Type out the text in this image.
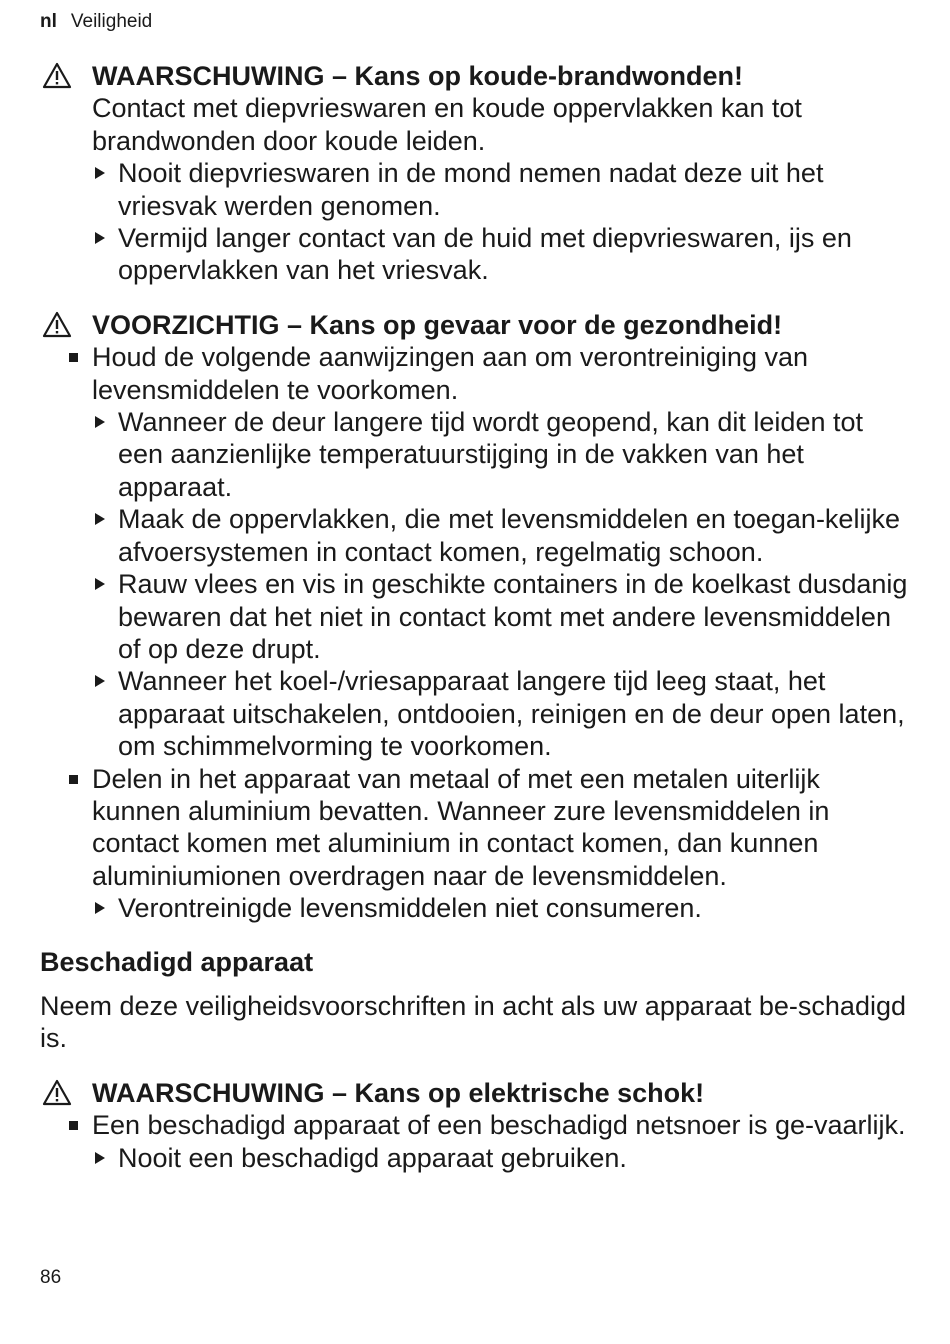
nl Veiligheid
WAARSCHUWING – Kans op koude-brandwonden!
Contact met diepvrieswaren en koude oppervlakken kan tot brandwonden door koude leiden.
Nooit diepvrieswaren in de mond nemen nadat deze uit het vriesvak werden genomen.
Vermijd langer contact van de huid met diepvrieswaren, ijs en oppervlakken van het vriesvak.
VOORZICHTIG – Kans op gevaar voor de gezondheid!
Houd de volgende aanwijzingen aan om verontreiniging van levensmiddelen te voorkomen.
Wanneer de deur langere tijd wordt geopend, kan dit leiden tot een aanzienlijke temperatuurstijging in de vakken van het apparaat.
Maak de oppervlakken, die met levensmiddelen en toegan-kelijke afvoersystemen in contact komen, regelmatig schoon.
Rauw vlees en vis in geschikte containers in de koelkast dusdanig bewaren dat het niet in contact komt met andere levensmiddelen of op deze drupt.
Wanneer het koel-/vriesapparaat langere tijd leeg staat, het apparaat uitschakelen, ontdooien, reinigen en de deur open laten, om schimmelvorming te voorkomen.
Delen in het apparaat van metaal of met een metalen uiterlijk kunnen aluminium bevatten. Wanneer zure levensmiddelen in contact komen met aluminium in contact komen, dan kunnen aluminiumionen overdragen naar de levensmiddelen.
Verontreinigde levensmiddelen niet consumeren.
Beschadigd apparaat
Neem deze veiligheidsvoorschriften in acht als uw apparaat be-schadigd is.
WAARSCHUWING – Kans op elektrische schok!
Een beschadigd apparaat of een beschadigd netsnoer is ge-vaarlijk.
Nooit een beschadigd apparaat gebruiken.
86
